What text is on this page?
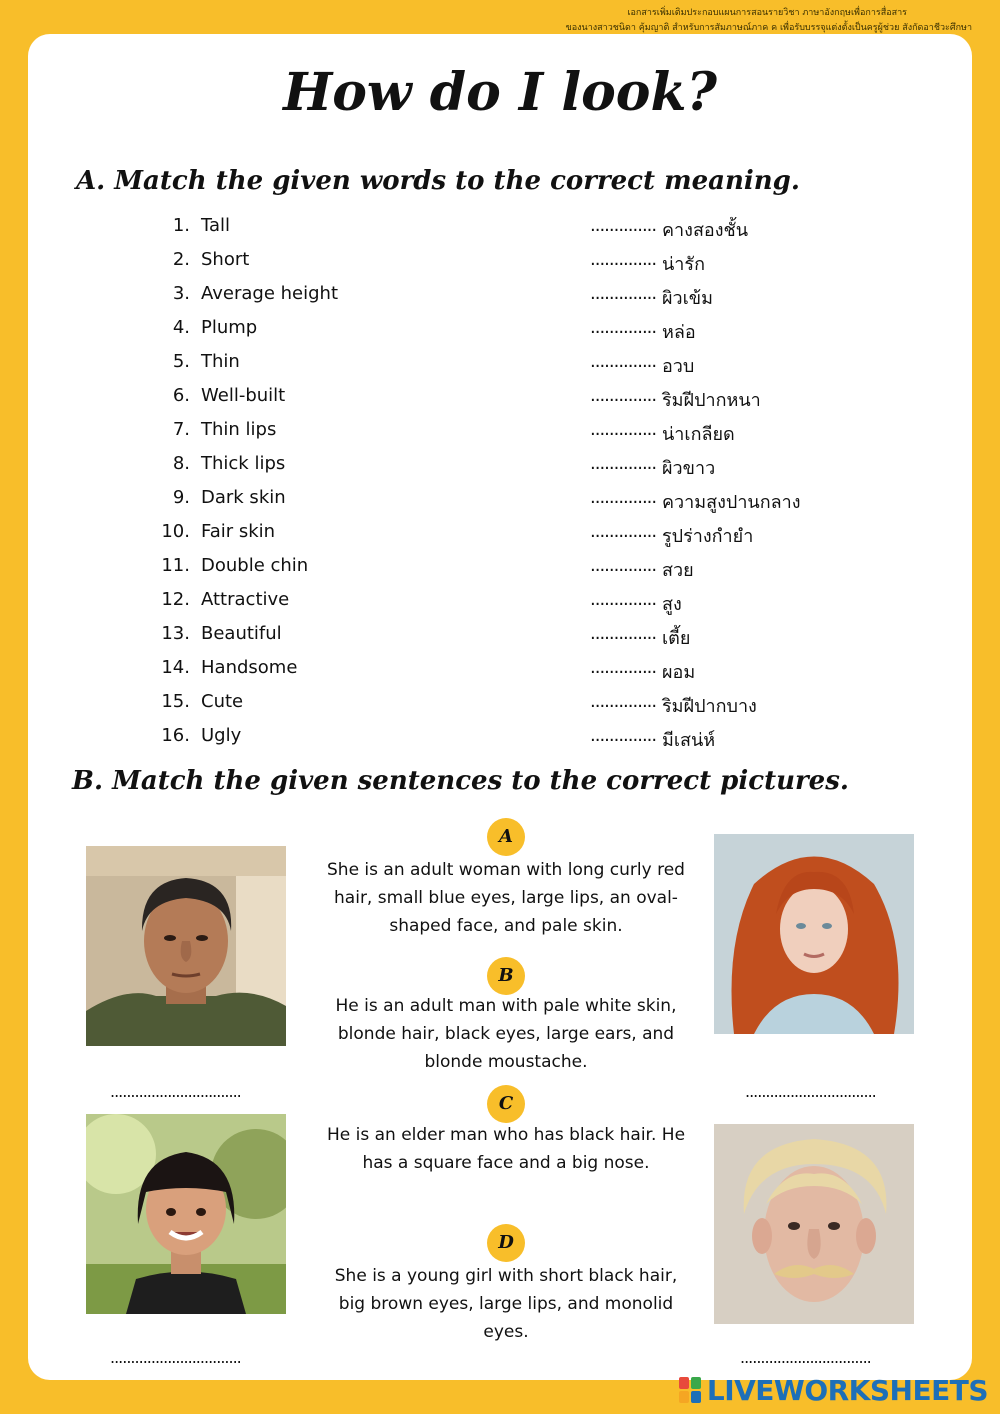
เอกสารเพิ่มเติมประกอบแผนการสอนรายวิชา ภาษาอังกฤษเพื่อการสื่อสาร
ของนางสาวชนิดา คุ้มญาติ สำหรับการสัมภาษณ์ภาค ค เพื่อรับบรรจุแต่งตั้งเป็นครูผู้ช่วย สังกัดอาชีวะศึกษา
How do I look?
A. Match the given words to the correct meaning.
1. Tall	.............. คางสองชั้น
2. Short	.............. น่ารัก
3. Average height	.............. ผิวเข้ม
4. Plump	.............. หล่อ
5. Thin	.............. อวบ
6. Well-built	.............. ริมฝีปากหนา
7. Thin lips	.............. น่าเกลียด
8. Thick lips	.............. ผิวขาว
9. Dark skin	.............. ความสูงปานกลาง
10. Fair skin	.............. รูปร่างกำยำ
11. Double chin	.............. สวย
12. Attractive	.............. สูง
13. Beautiful	.............. เตี้ย
14. Handsome	.............. ผอม
15. Cute	.............. ริมฝีปากบาง
16. Ugly	.............. มีเสน่ห์
B. Match the given sentences to the correct pictures.
................................
................................
................................
................................
A
She is an adult woman with long curly red hair, small blue eyes, large lips, an oval-shaped face, and pale skin.
B
He is an adult man with pale white skin, blonde hair, black eyes, large ears, and blonde moustache.
C
He is an elder man who has black hair. He has a square face and a big nose.
D
She is a young girl with short black hair, big brown eyes, large lips, and monolid eyes.
LIVEWORKSHEETS
